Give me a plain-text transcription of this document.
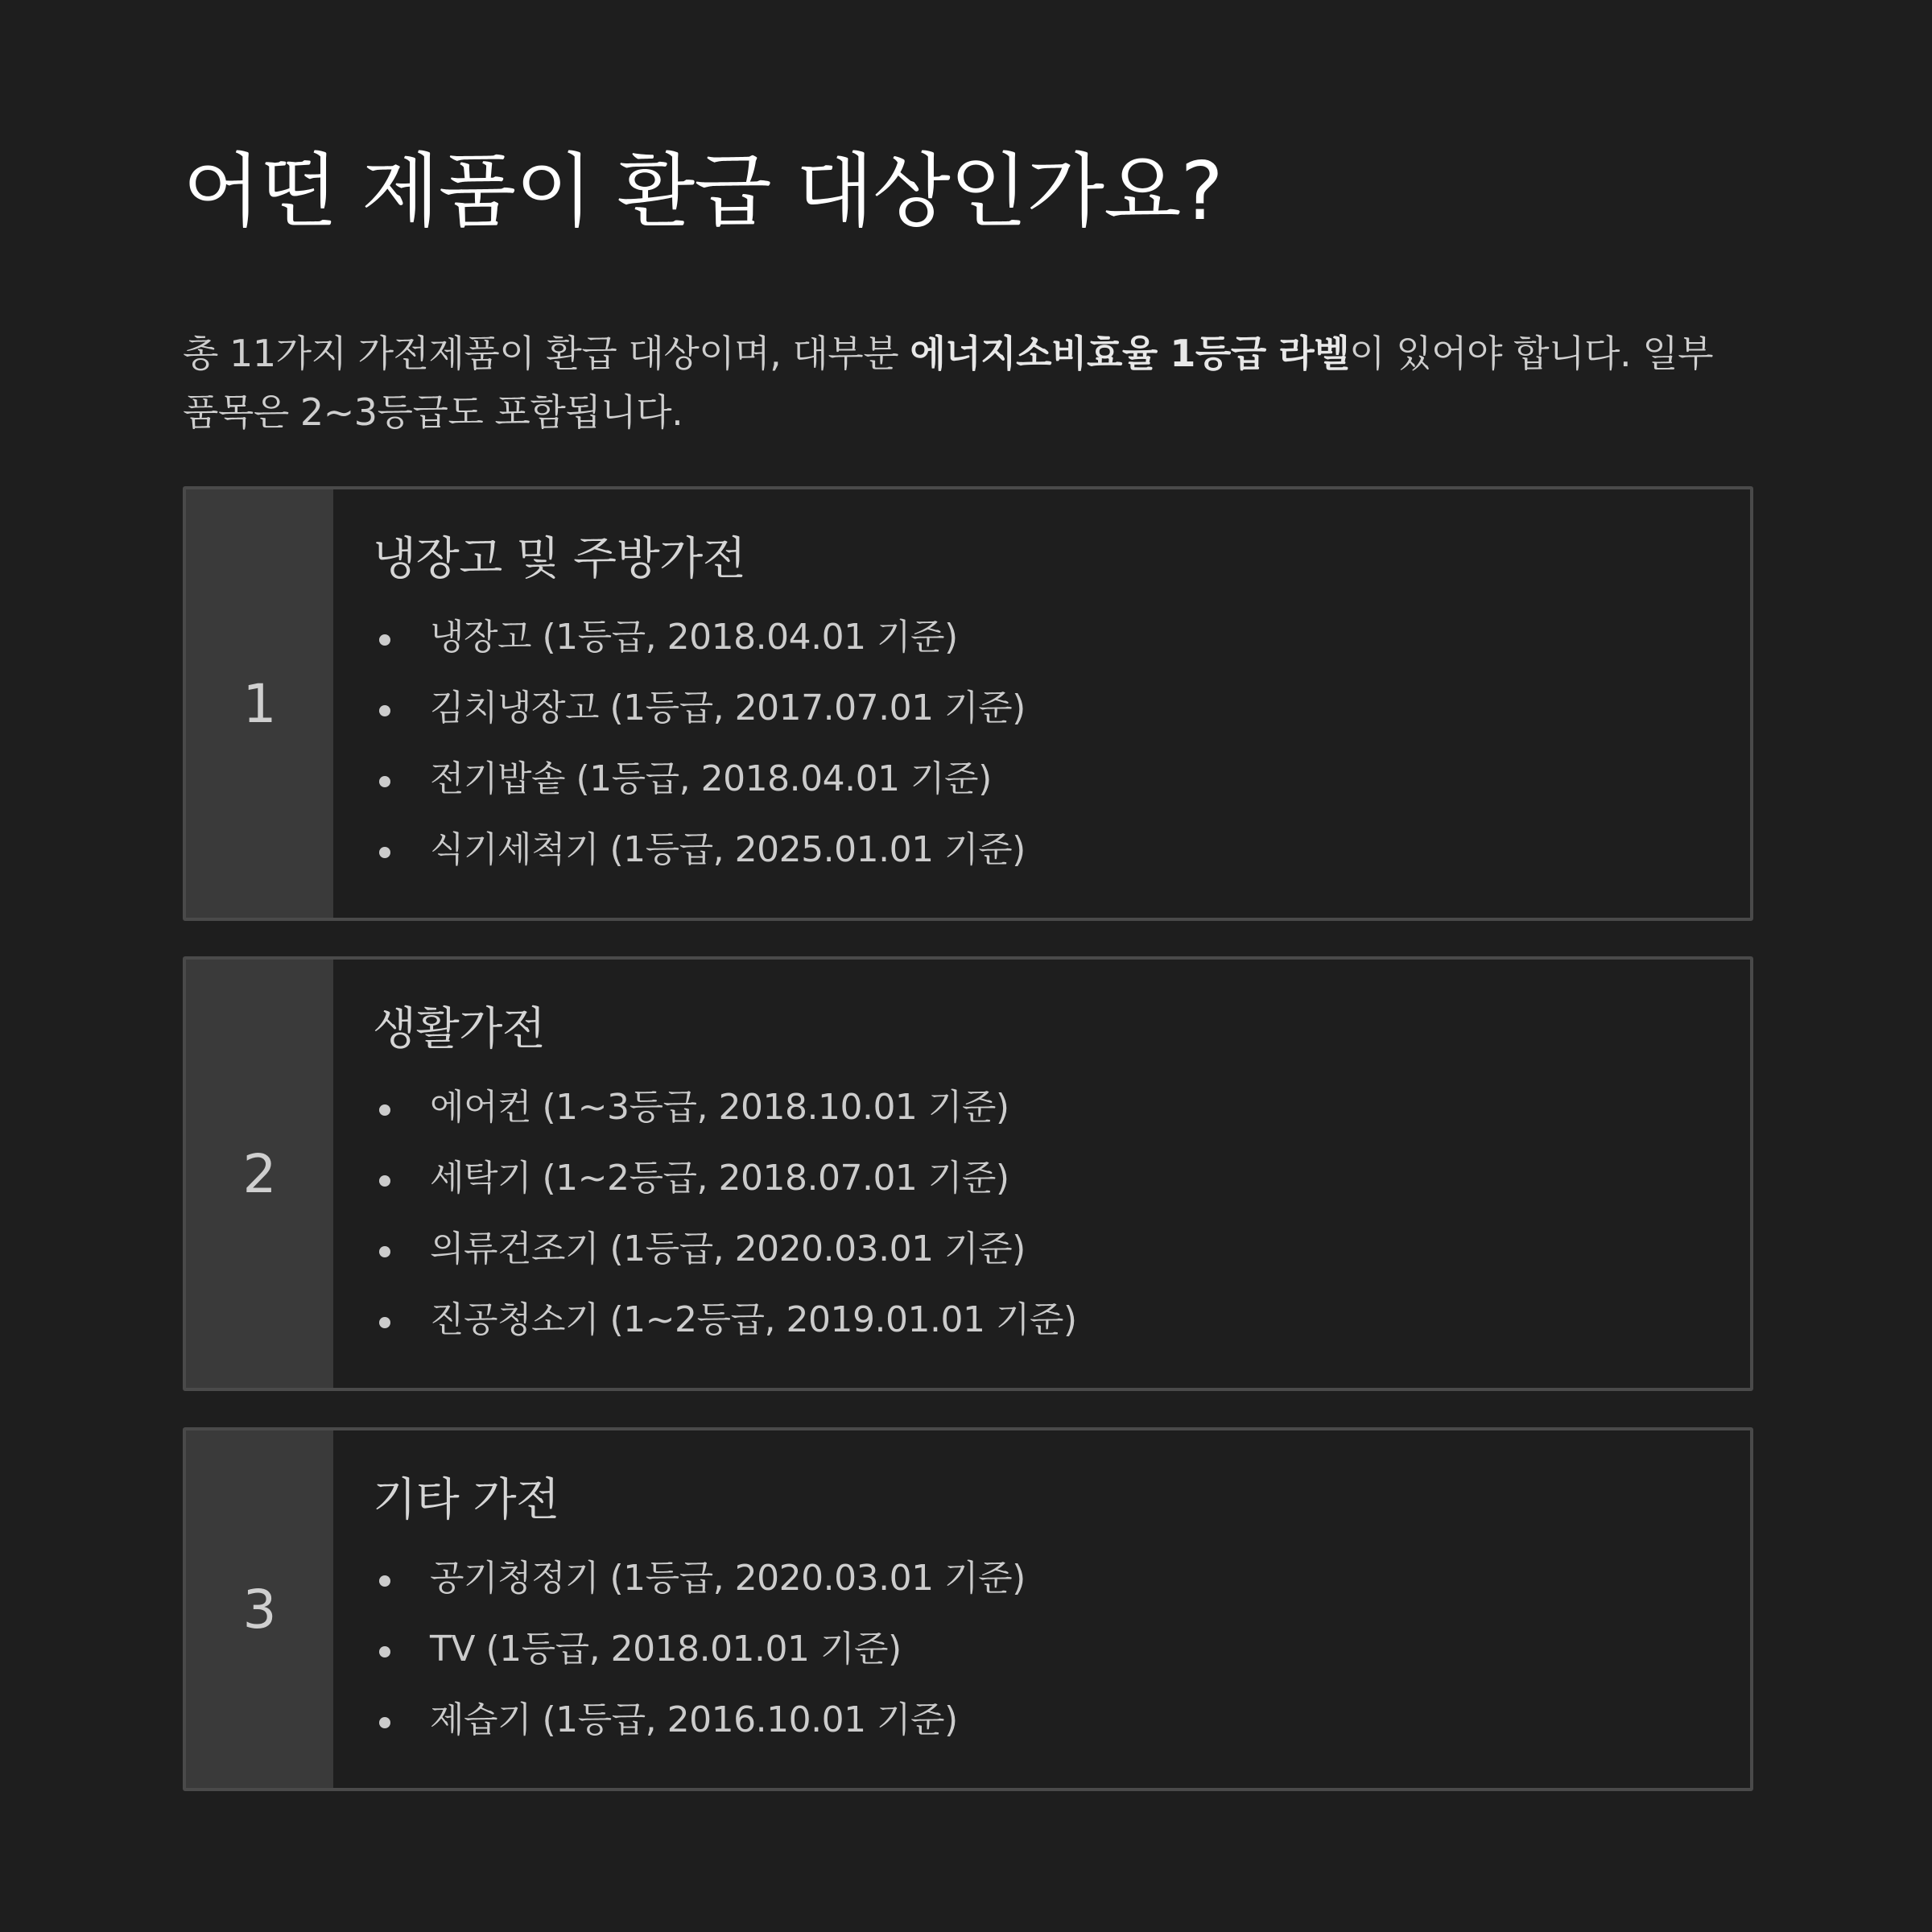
어떤 제품이 환급 대상인가요?

총 11가지 가전제품이 환급 대상이며, 대부분 에너지소비효율 1등급 라벨이 있어야 합니다. 일부 품목은 2~3등급도 포함됩니다.

1
냉장고 및 주방가전
냉장고 (1등급, 2018.04.01 기준)
김치냉장고 (1등급, 2017.07.01 기준)
전기밥솥 (1등급, 2018.04.01 기준)
식기세척기 (1등급, 2025.01.01 기준)
2
생활가전
에어컨 (1~3등급, 2018.10.01 기준)
세탁기 (1~2등급, 2018.07.01 기준)
의류건조기 (1등급, 2020.03.01 기준)
진공청소기 (1~2등급, 2019.01.01 기준)
3
기타 가전
공기청정기 (1등급, 2020.03.01 기준)
TV (1등급, 2018.01.01 기준)
제습기 (1등급, 2016.10.01 기준)
